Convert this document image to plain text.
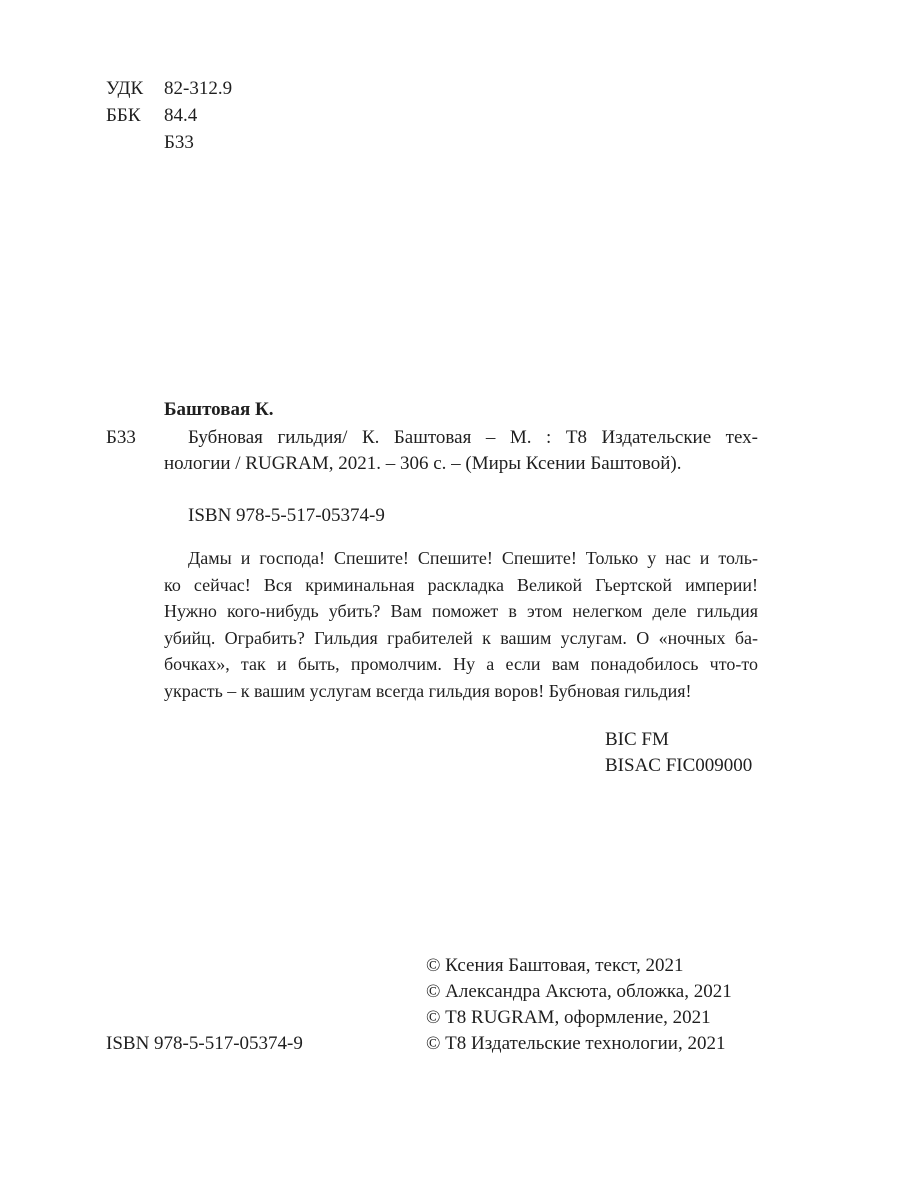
УДК 82-312.9
ББК 84.4
Б33
Баштовая К.
Б33	Бубновая гильдия/ К. Баштовая – М. : Т8 Издательские тех-
нологии / RUGRAM, 2021. – 306 с. – (Миры Ксении Баштовой).
ISBN 978-5-517-05374-9
Дамы и господа! Спешите! Спешите! Спешите! Только у нас и толь-
ко сейчас! Вся криминальная раскладка Великой Гьертской империи!
Нужно кого-нибудь убить? Вам поможет в этом нелегком деле гильдия
убийц. Ограбить? Гильдия грабителей к вашим услугам. О «ночных ба-
бочках», так и быть, промолчим. Ну а если вам понадобилось что-то
украсть – к вашим услугам всегда гильдия воров! Бубновая гильдия!
BIC FM
BISAC FIC009000
© Ксения Баштовая, текст, 2021
© Александра Аксюта, обложка, 2021
© Т8 RUGRAM, оформление, 2021
© Т8 Издательские технологии, 2021
ISBN 978-5-517-05374-9
